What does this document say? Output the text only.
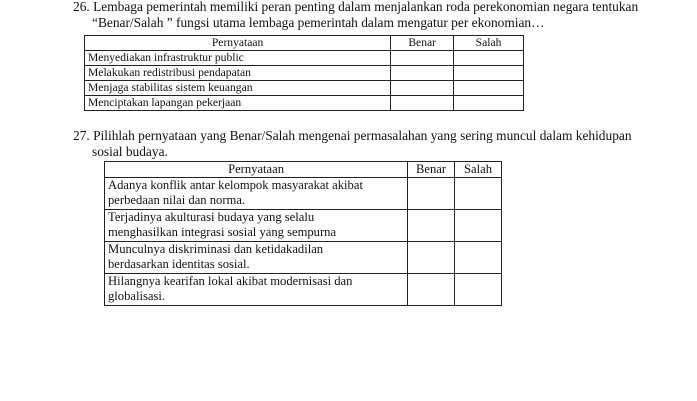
26. Lembaga pemerintah memiliki peran penting dalam menjalankan roda perekonomian negara tentukan
“Benar/Salah ” fungsi utama lembaga pemerintah dalam mengatur per ekonomian…
Pernyataan	Benar	Salah
Menyediakan infrastruktur public		
Melakukan redistribusi pendapatan		
Menjaga stabilitas sistem keuangan		
Menciptakan lapangan pekerjaan		
27. Pilihlah pernyataan yang Benar/Salah mengenai permasalahan yang sering muncul dalam kehidupan
sosial budaya.
Pernyataan	Benar	Salah
Adanya konflik antar kelompok masyarakat akibat
perbedaan nilai dan norma.		
Terjadinya akulturasi budaya yang selalu
menghasilkan integrasi sosial yang sempurna		
Munculnya diskriminasi dan ketidakadilan
berdasarkan identitas sosial.		
Hilangnya kearifan lokal akibat modernisasi dan
globalisasi.		
